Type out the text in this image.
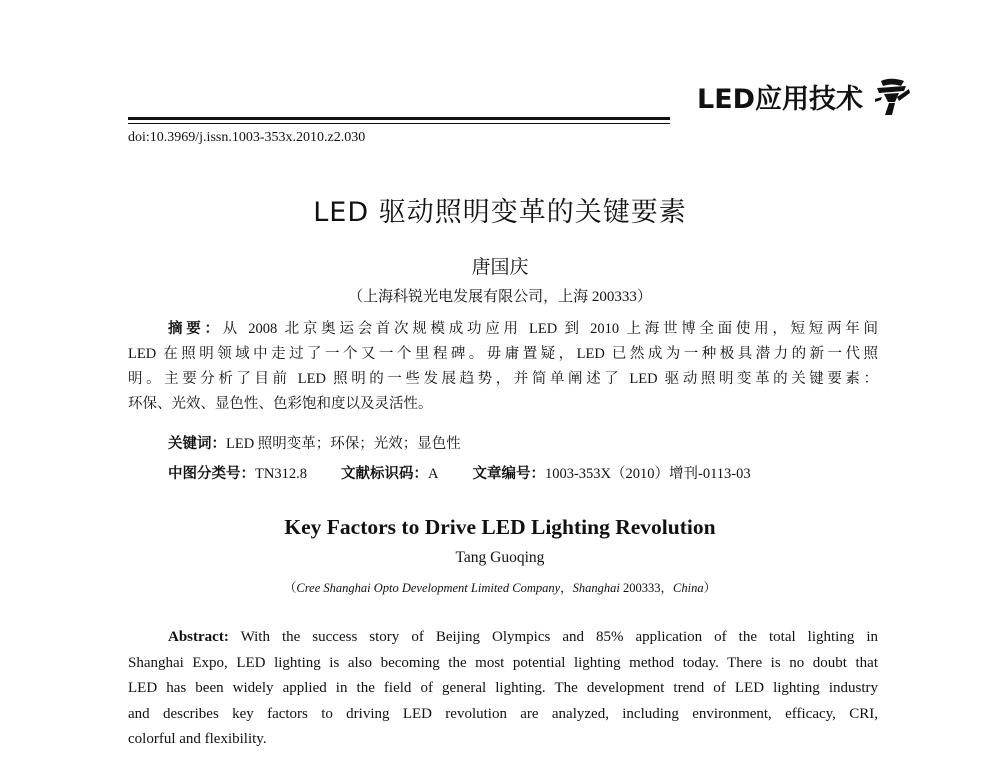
LED应用技术
doi:10.3969/j.issn.1003-353x.2010.z2.030
LED 驱动照明变革的关键要素
唐国庆
（上海科锐光电发展有限公司，上海 200333）
摘要：从 2008 北京奥运会首次规模成功应用 LED 到 2010 上海世博全面使用，短短两年间
LED 在照明领域中走过了一个又一个里程碑。毋庸置疑，LED 已然成为一种极具潜力的新一代照
明。主要分析了目前 LED 照明的一些发展趋势，并简单阐述了 LED 驱动照明变革的关键要素：
环保、光效、显色性、色彩饱和度以及灵活性。
关键词：LED 照明变革；环保；光效；显色性
中图分类号：TN312.8 文献标识码：A 文章编号：1003-353X（2010）增刊-0113-03
Key Factors to Drive LED Lighting Revolution
Tang Guoqing
（Cree Shanghai Opto Development Limited Company，Shanghai 200333，China）
Abstract: With the success story of Beijing Olympics and 85% application of the total lighting in
Shanghai Expo, LED lighting is also becoming the most potential lighting method today. There is no doubt that
LED has been widely applied in the field of general lighting. The development trend of LED lighting industry
and describes key factors to driving LED revolution are analyzed, including environment, efficacy, CRI,
colorful and flexibility.
